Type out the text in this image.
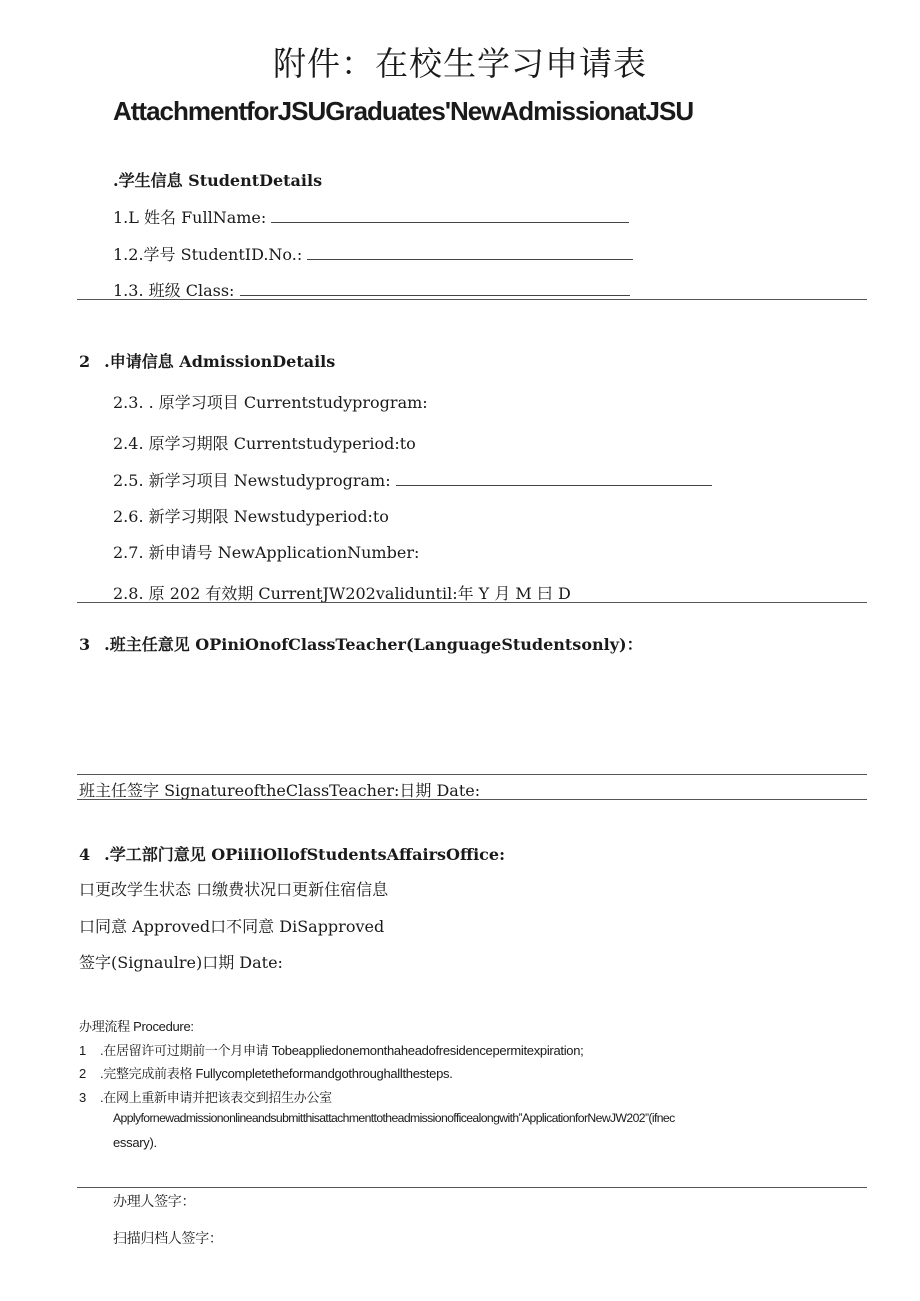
附件：在校生学习申请表
AttachmentforJSUGraduates'NewAdmissionatJSU
.学生信息 StudentDetails
1.L 姓名 FullName:
1.2.学号 StudentID.No.:
1.3. 班级 Class:
2 .申请信息 AdmissionDetails
2.3. . 原学习项目 Currentstudyprogram:
2.4. 原学习期限 Currentstudyperiod:to
2.5. 新学习项目 Newstudyprogram:
2.6. 新学习期限 Newstudyperiod:to
2.7. 新申请号 NewApplicationNumber:
2.8. 原 202 有效期 CurrentJW202validuntil:年 Y 月 M 曰 D
3 .班主任意见 OPiniOnofClassTeacher(LanguageStudentsonly)：
班主任签字 SignatureoftheClassTeacher:日期 Date:
4 .学工部门意见 OPiiIiOllofStudentsAffairsOffice:
口更改学生状态 口缴费状况口更新住宿信息
口同意 Approved口不同意 DiSapproved
签字(Signaulre)口期 Date:
办理流程 Procedure:
1 .在居留许可过期前一个月申请 Tobeappliedonemonthaheadofresidencepermitexpiration;
2 .完整完成前表格 Fullycompletetheformandgothroughallthesteps.
3 .在网上重新申请并把该表交到招生办公室
ApplyfornewadmissiononlineandsubmitthisattachmenttotheadmissionofficealongwithˮApplicationforNewJW202”(ifnec
essary).
办理人签字：
扫描归档人签字：
